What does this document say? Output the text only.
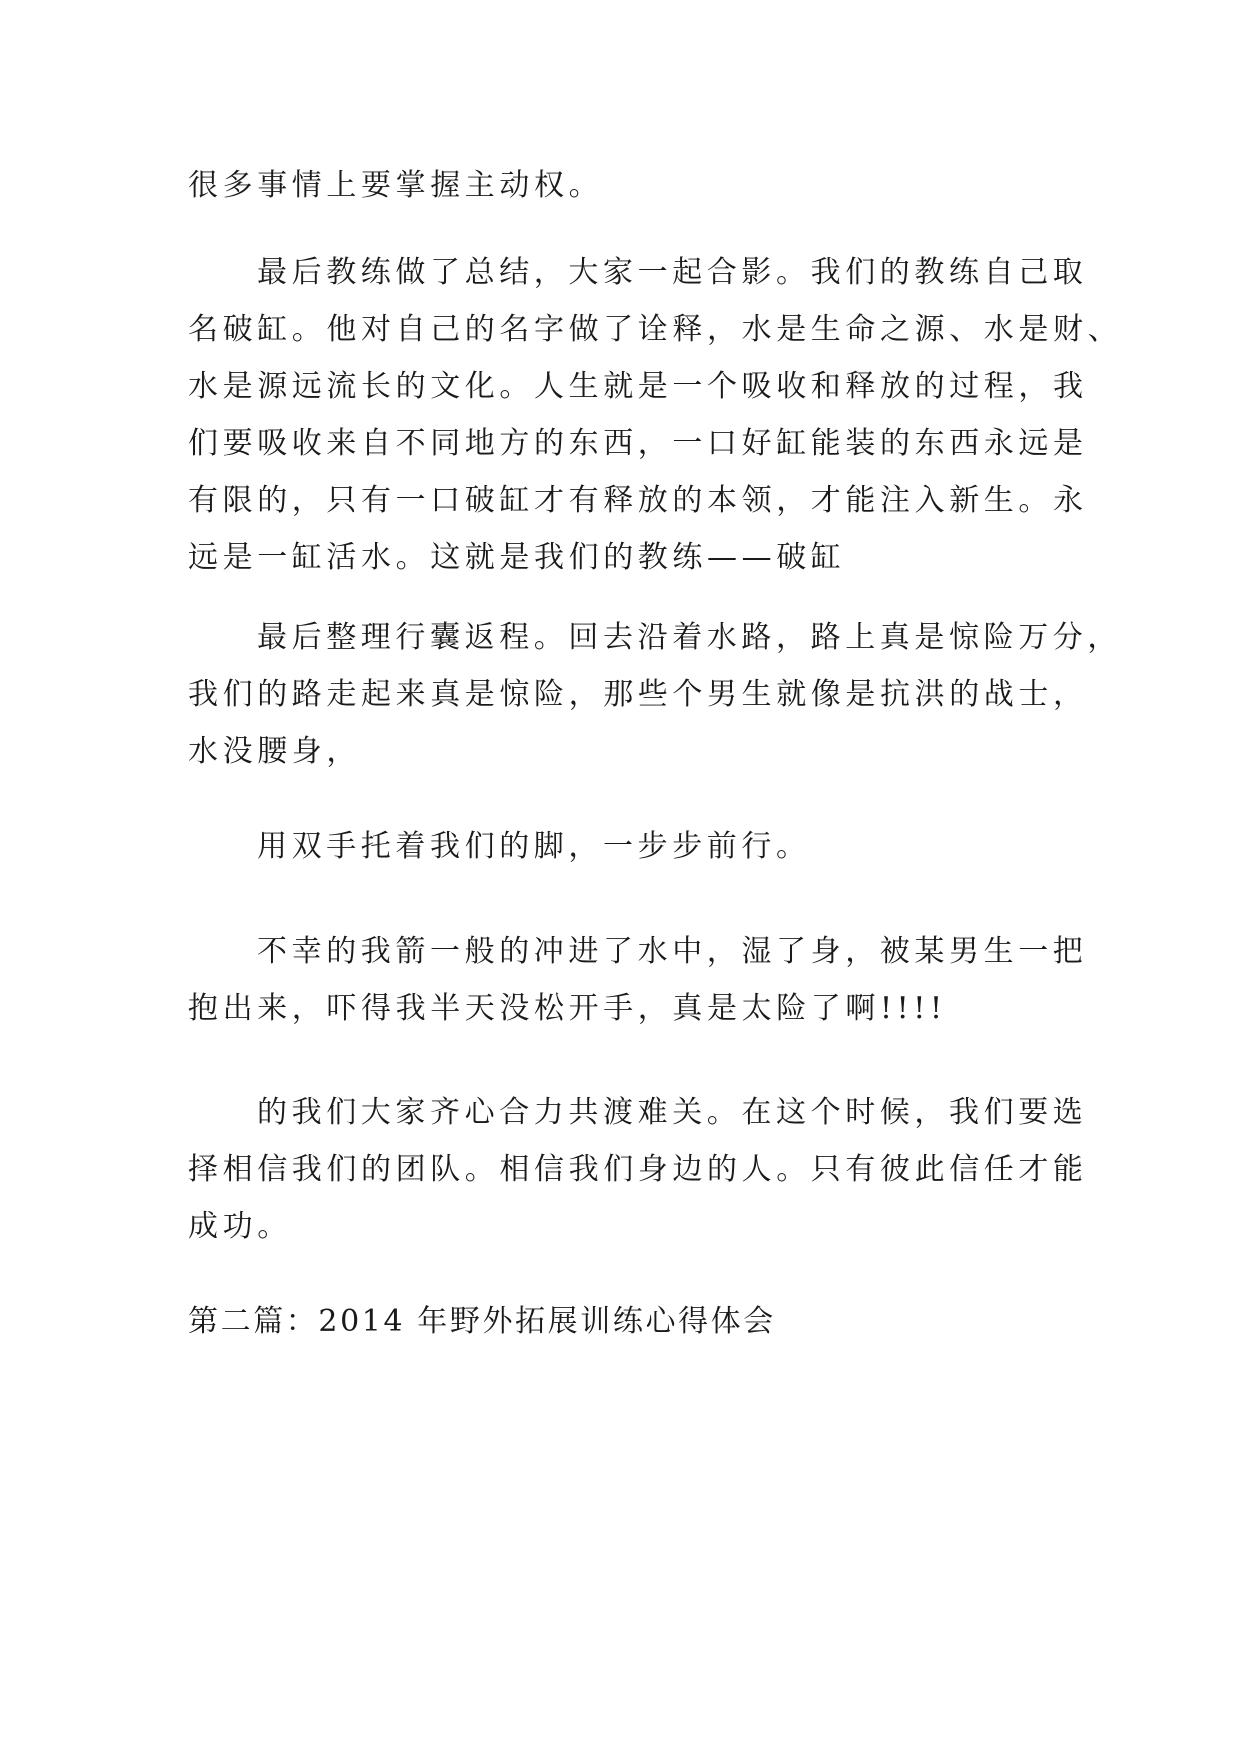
很多事情上要掌握主动权。
最后教练做了总结，大家一起合影。我们的教练自己取
名破缸。他对自己的名字做了诠释，水是生命之源、水是财、
水是源远流长的文化。人生就是一个吸收和释放的过程，我
们要吸收来自不同地方的东西，一口好缸能装的东西永远是
有限的，只有一口破缸才有释放的本领，才能注入新生。永
远是一缸活水。这就是我们的教练——破缸
最后整理行囊返程。回去沿着水路，路上真是惊险万分，
我们的路走起来真是惊险，那些个男生就像是抗洪的战士，
水没腰身，
用双手托着我们的脚，一步步前行。
不幸的我箭一般的冲进了水中，湿了身，被某男生一把
抱出来，吓得我半天没松开手，真是太险了啊!!!!
的我们大家齐心合力共渡难关。在这个时候，我们要选
择相信我们的团队。相信我们身边的人。只有彼此信任才能
成功。
第二篇：2014 年野外拓展训练心得体会
